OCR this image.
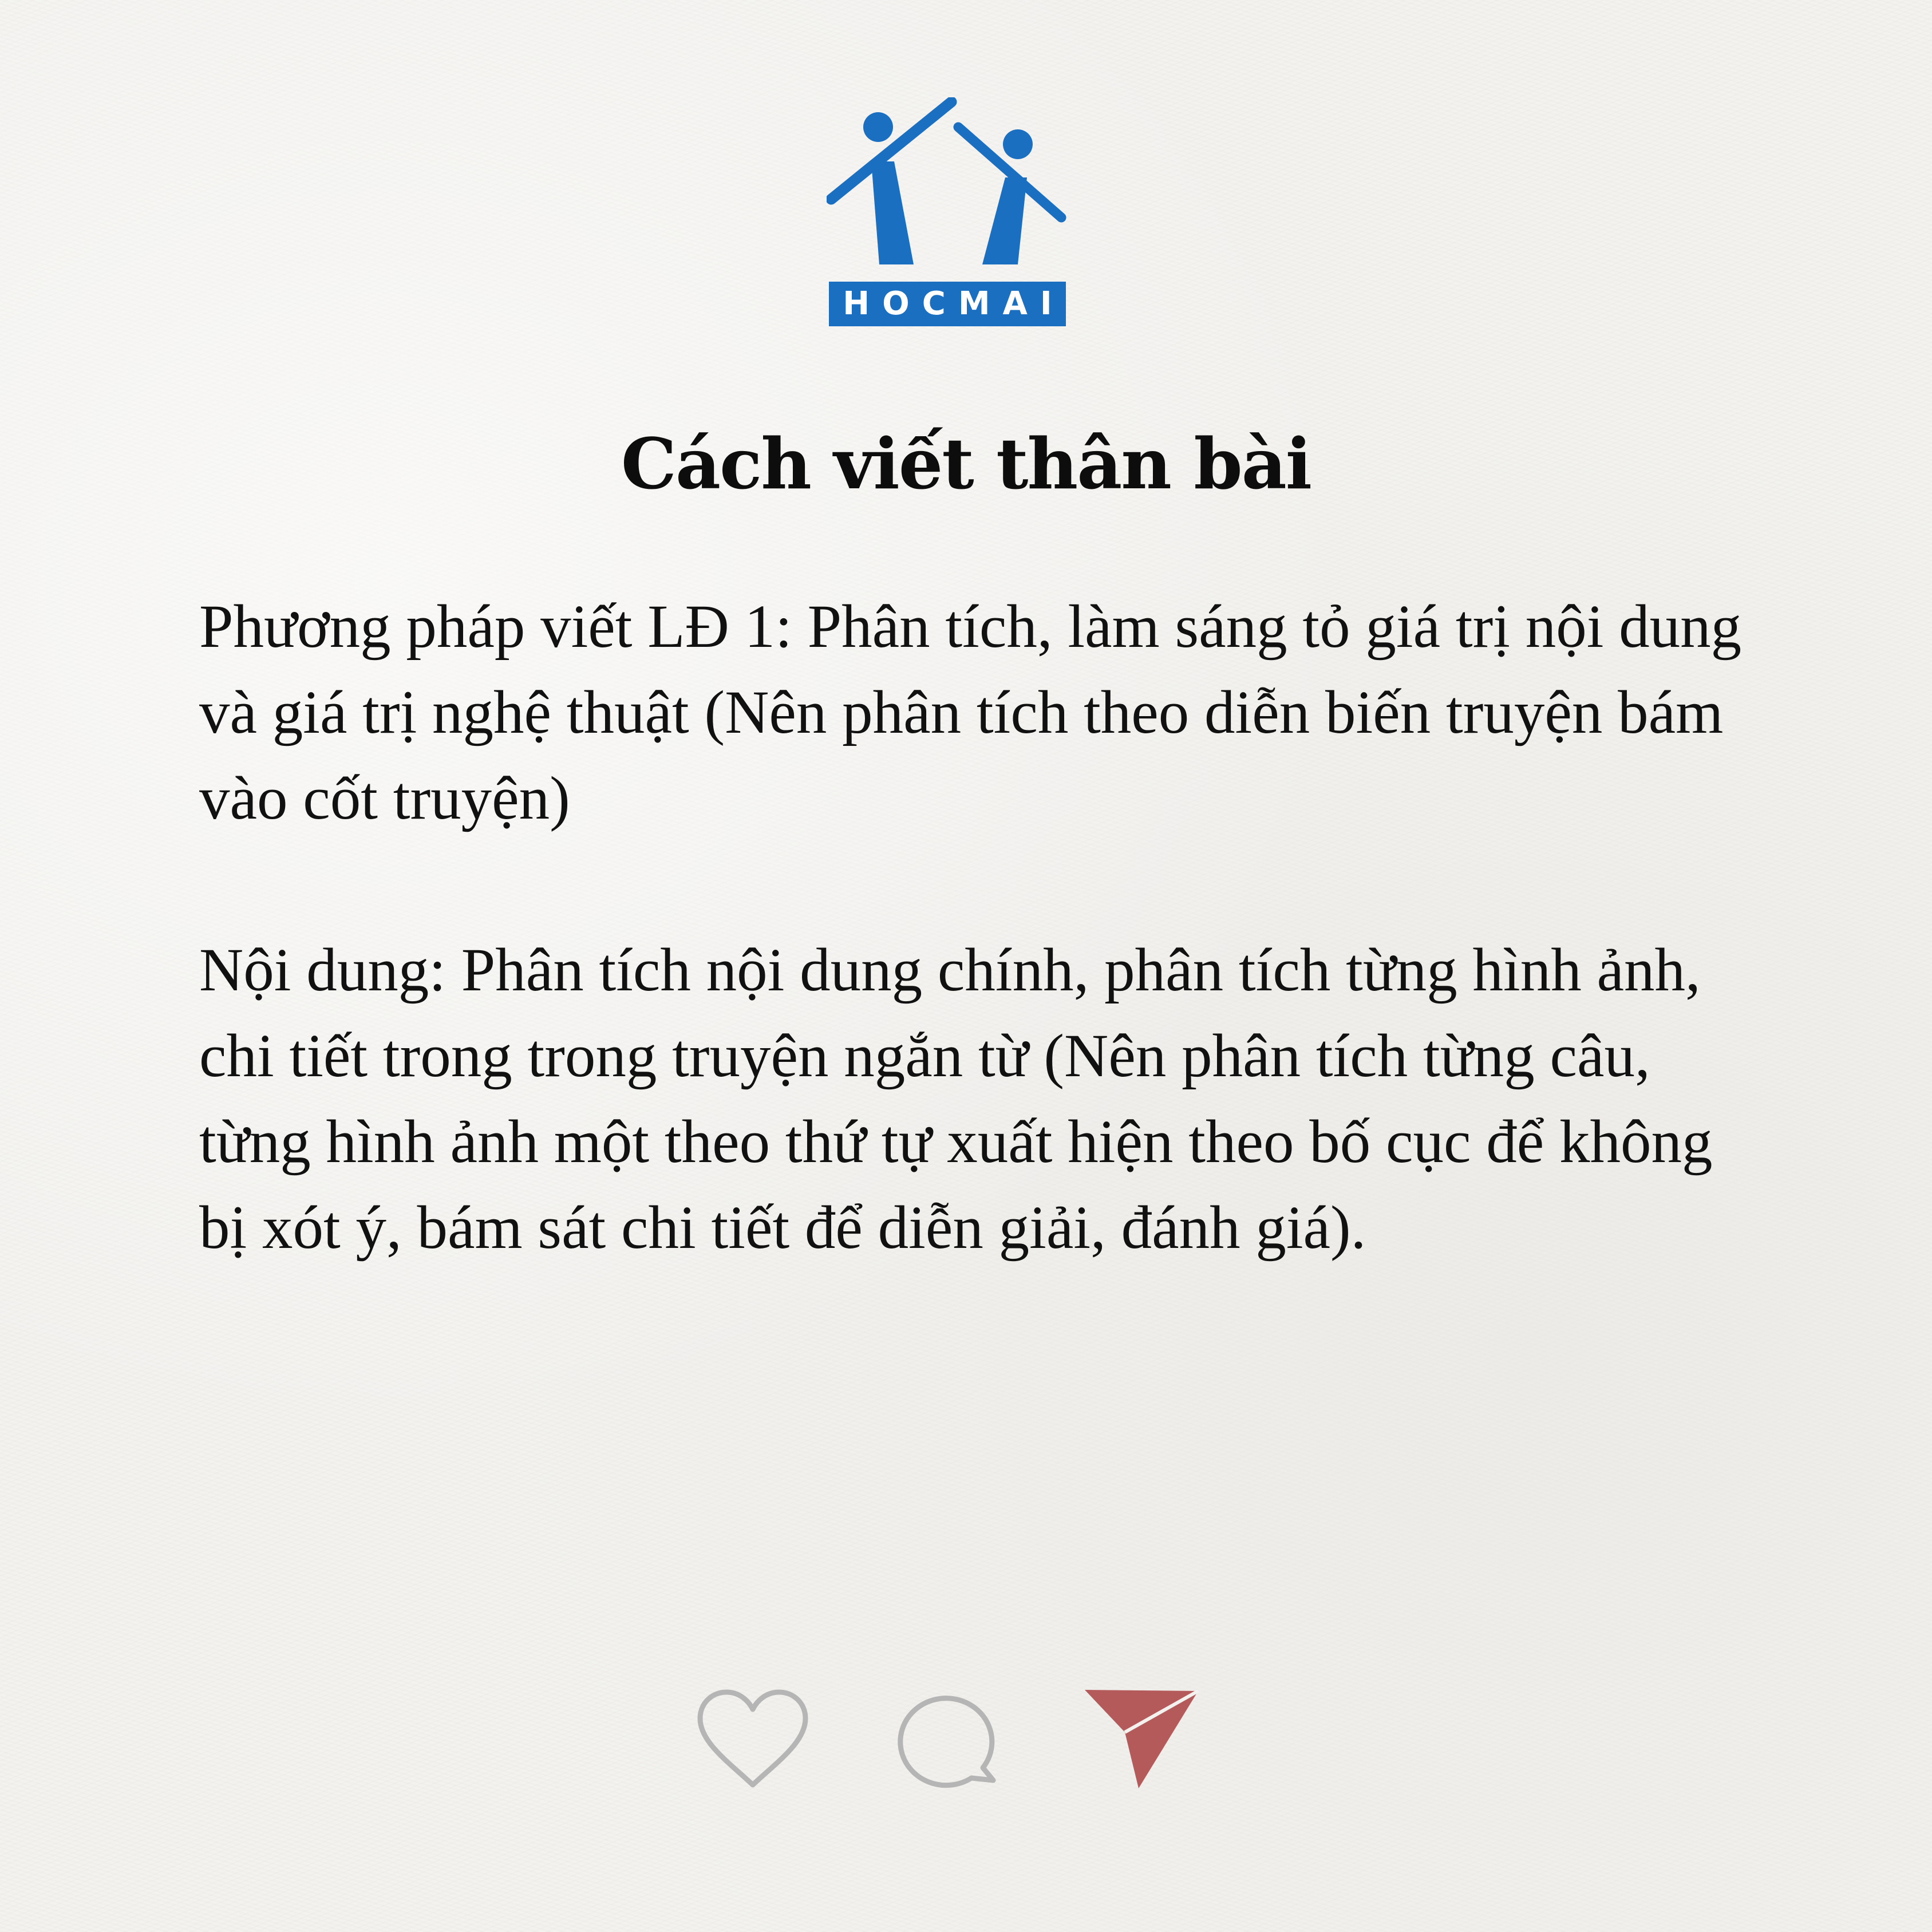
HOCMAI
Cách viết thân bài

Phương pháp viết LĐ 1: Phân tích, làm sáng tỏ giá trị nội dung và giá trị nghệ thuật (Nên phân tích theo diễn biến truyện bám vào cốt truyện)

Nội dung: Phân tích nội dung chính, phân tích từng hình ảnh, chi tiết trong trong truyện ngắn từ (Nên phân tích từng câu, từng hình ảnh một theo thứ tự xuất hiện theo bố cục để không bị xót ý, bám sát chi tiết để diễn giải, đánh giá).
